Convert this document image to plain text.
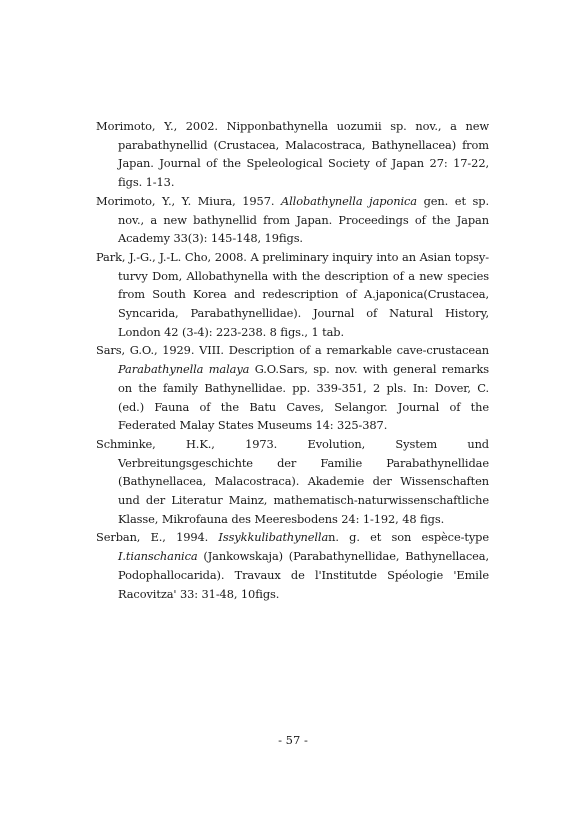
Morimoto, Y., 2002. Nipponbathynella uozumii sp. nov., a new parabathynellid (Crustacea, Malacostraca, Bathynellacea) from Japan. Journal of the Speleological Society of Japan 27: 17-22, figs. 1-13.
Morimoto, Y., Y. Miura, 1957. Allobathynella japonica gen. et sp. nov., a new bathynellid from Japan. Proceedings of the Japan Academy 33(3): 145-148, 19figs.
Park, J.-G., J.-L. Cho, 2008. A preliminary inquiry into an Asian topsy-turvy Dom, Allobathynella with the description of a new species from South Korea and redescription of A.japonica(Crustacea, Syncarida, Parabathynellidae). Journal of Natural History, London 42 (3-4): 223-238. 8 figs., 1 tab.
Sars, G.O., 1929. VIII. Description of a remarkable cave-crustacean Parabathynella malaya G.O.Sars, sp. nov. with general remarks on the family Bathynellidae. pp. 339-351, 2 pls. In: Dover, C. (ed.) Fauna of the Batu Caves, Selangor. Journal of the Federated Malay States Museums 14: 325-387.
Schminke, H.K., 1973. Evolution, System und Verbreitungsgeschichte der Familie Parabathynellidae (Bathynellacea, Malacostraca). Akademie der Wissenschaften und der Literatur Mainz, mathematisch-naturwissenschaftliche Klasse, Mikrofauna des Meeresbodens 24: 1-192, 48 figs.
Serban, E., 1994. Issykkulibathynellan. g. et son espèce-type I.tianschanica (Jankowskaja) (Parabathynellidae, Bathynellacea, Podophallocarida). Travaux de l'Institutde Spéologie 'Emile Racovitza' 33: 31-48, 10figs.
- 57 -
